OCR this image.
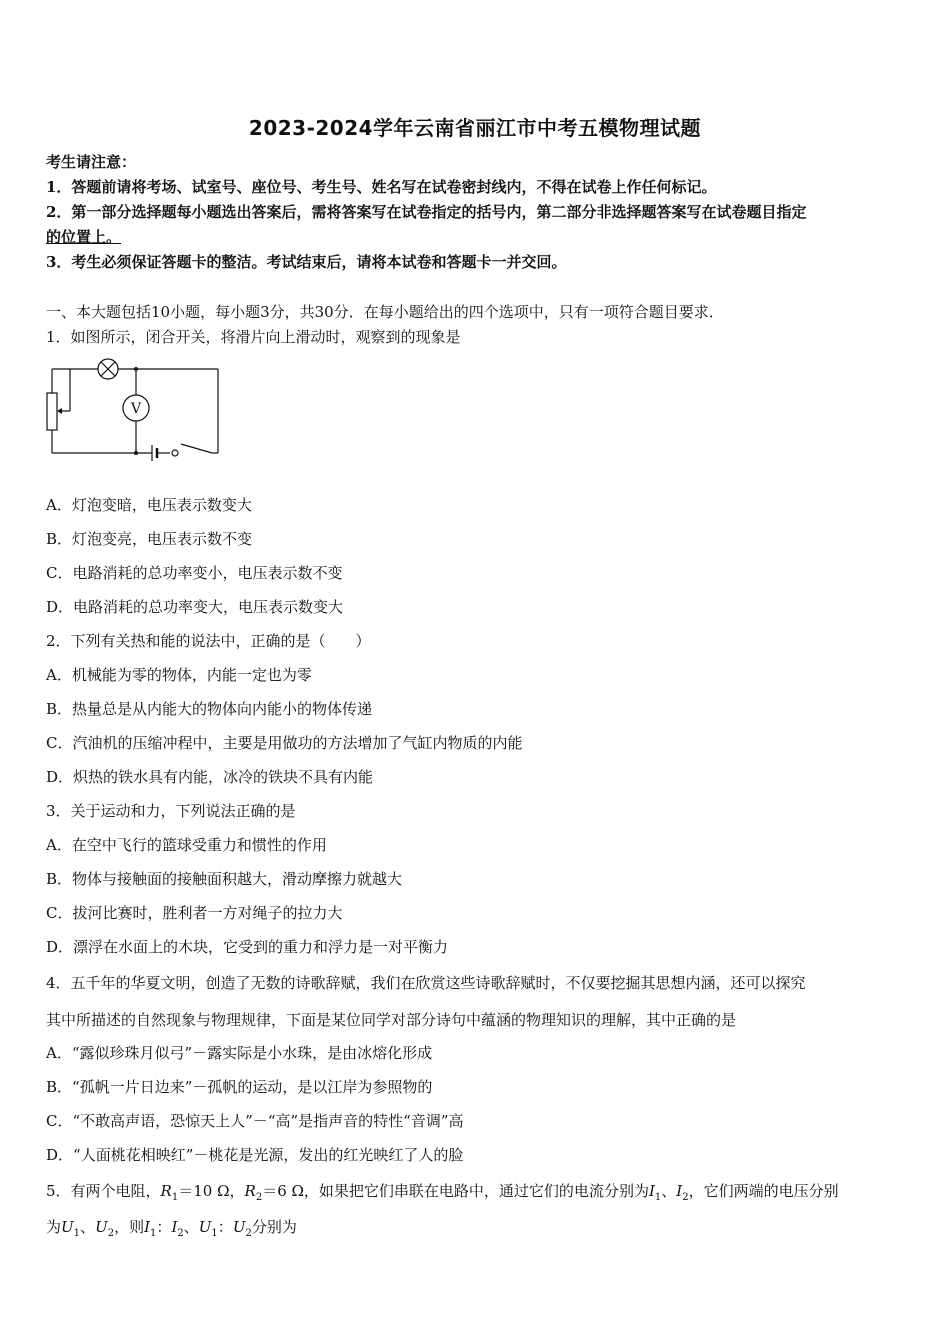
2023-2024学年云南省丽江市中考五模物理试题
考生请注意：
1．答题前请将考场、试室号、座位号、考生号、姓名写在试卷密封线内，不得在试卷上作任何标记。
2．第一部分选择题每小题选出答案后，需将答案写在试卷指定的括号内，第二部分非选择题答案写在试卷题目指定
的位置上。
3．考生必须保证答题卡的整洁。考试结束后，请将本试卷和答题卡一并交回。
一、本大题包括10小题，每小题3分，共30分．在每小题给出的四个选项中，只有一项符合题目要求．
1．如图所示，闭合开关，将滑片向上滑动时，观察到的现象是
V
A．灯泡变暗，电压表示数变大
B．灯泡变亮，电压表示数不变
C．电路消耗的总功率变小，电压表示数不变
D．电路消耗的总功率变大，电压表示数变大
2．下列有关热和能的说法中，正确的是（　　）
A．机械能为零的物体，内能一定也为零
B．热量总是从内能大的物体向内能小的物体传递
C．汽油机的压缩冲程中，主要是用做功的方法增加了气缸内物质的内能
D．炽热的铁水具有内能，冰冷的铁块不具有内能
3．关于运动和力，下列说法正确的是
A．在空中飞行的篮球受重力和惯性的作用
B．物体与接触面的接触面积越大，滑动摩擦力就越大
C．拔河比赛时，胜利者一方对绳子的拉力大
D．漂浮在水面上的木块，它受到的重力和浮力是一对平衡力
4．五千年的华夏文明，创造了无数的诗歌辞赋，我们在欣赏这些诗歌辞赋时，不仅要挖掘其思想内涵，还可以探究
其中所描述的自然现象与物理规律，下面是某位同学对部分诗句中蕴涵的物理知识的理解，其中正确的是
A．“露似珍珠月似弓”－露实际是小水珠，是由冰熔化形成
B．“孤帆一片日边来”－孤帆的运动，是以江岸为参照物的
C．“不敢高声语，恐惊天上人”－“高”是指声音的特性“音调”高
D．“人面桃花相映红”－桃花是光源，发出的红光映红了人的脸
5．有两个电阻，$R_1=10$ Ω，$R_2=6$ Ω，如果把它们串联在电路中，通过它们的电流分别为$I_1$、$I_2$，它们两端的电压分别
为$U_1$、$U_2$，则$I_1$：$I_2$、$U_1$：$U_2$分别为
